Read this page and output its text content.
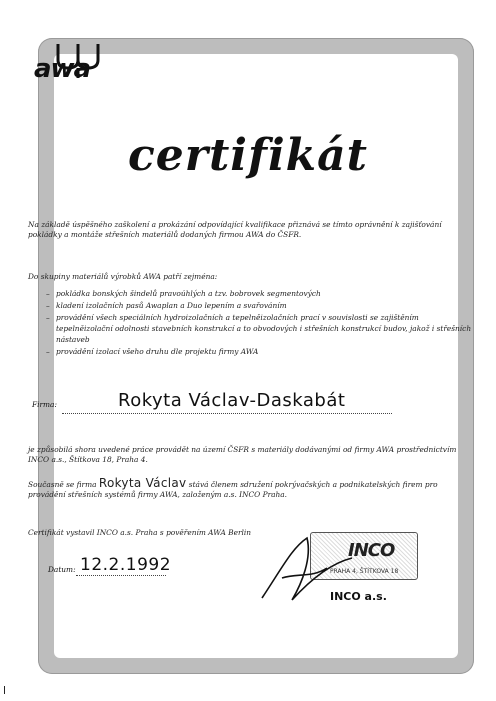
awa
certifikát
Na základě úspěšného zaškolení a prokázání odpovídající kvalifikace přiznává se tímto oprávnění k zajišťování pokládky a montáže střešních materiálů dodaných firmou AWA do ČSFR.
Do skupiny materiálů výrobků AWA patří zejména:
– pokládka bonských šindelů pravoúhlých a tzv. bobrovek segmentových
– kladení izolačních pasů Awaplan a Duo lepením a svařováním
– provádění všech speciálních hydroizolačních a tepelněizolačních prací v souvislosti se zajištěním tepelněizolační odolnosti stavebních konstrukcí a to obvodových i střešních konstrukcí budov, jakož i střešních nástaveb
– provádění izolací všeho druhu dle projektu firmy AWA
Firma:	Rokyta Václav-Daskabát
je způsobilá shora uvedené práce provádět na území ČSFR s materiály dodávanými od firmy AWA prostřednictvím INCO a.s., Štítkova 18, Praha 4.
Současně se firma Rokyta Václav stává členem sdružení pokrývačských a podnikatelských firem pro provádění střešních systémů firmy AWA, založeným a.s. INCO Praha.
Certifikát vystavil INCO a.s. Praha s pověřením AWA Berlin
Datum: 12.2.1992
INCO
PRAHA 4, ŠTÍTKOVA 18
INCO a.s.
